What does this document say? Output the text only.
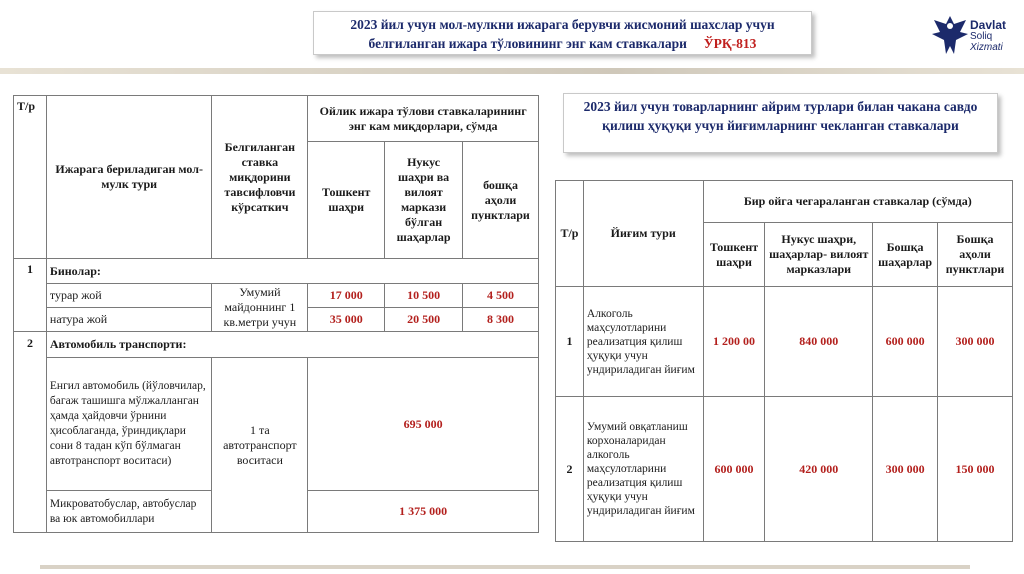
2023 йил учун мол-мулкни ижарага берувчи жисмоний шахслар учун
белгиланган ижара тўловининг энг кам ставкалари ЎРҚ-813
Davlat
Soliq
Xizmati
Т/р	Ижарага бериладиган мол-мулк тури	Белгиланган ставка миқдорини тавсифловчи кўрсаткич	Ойлик ижара тўлови ставкаларининг энг кам миқдорлари, сўмда		
			Тошкент шаҳри	Нукус шаҳри ва вилоят маркази бўлган шаҳарлар	бошқа аҳоли пунктлари
1	Бинолар:				
	турар жой	Умумий майдоннинг 1 кв.метри учун	17 000	10 500	4 500
	натура жой		35 000	20 500	8 300
2	Автомобиль транспорти:				
	Енгил автомобиль (йўловчилар, багаж ташишга мўлжалланган ҳамда ҳайдовчи ўрнини ҳисоблаганда, ўриндиқлари сони 8 тадан кўп бўлмаган автотранспорт воситаси)	1 та автотранспорт воситаси	695 000		
	Микроватобуслар, автобуслар ва юк автомобиллари		1 375 000		
2023 йил учун товарларнинг айрим турлари билан чакана савдо қилиш ҳуқуқи учун йиғимларнинг чекланган ставкалари
Т/р	Йиғим тури	Бир ойга чегараланган ставкалар (сўмда)			
		Тошкент шаҳри	Нукус шаҳри, шаҳарлар- вилоят марказлари	Бошқа шаҳарлар	Бошқа аҳоли пунктлари
1	Алкоголь маҳсулотларини реализатция қилиш ҳуқуқи учун ундириладиган йиғим	1 200 00	840 000	600 000	300 000
2	Умумий овқатланиш корхоналаридан алкоголь маҳсулотларини реализатция қилиш ҳуқуқи учун ундириладиган йиғим	600 000	420 000	300 000	150 000
